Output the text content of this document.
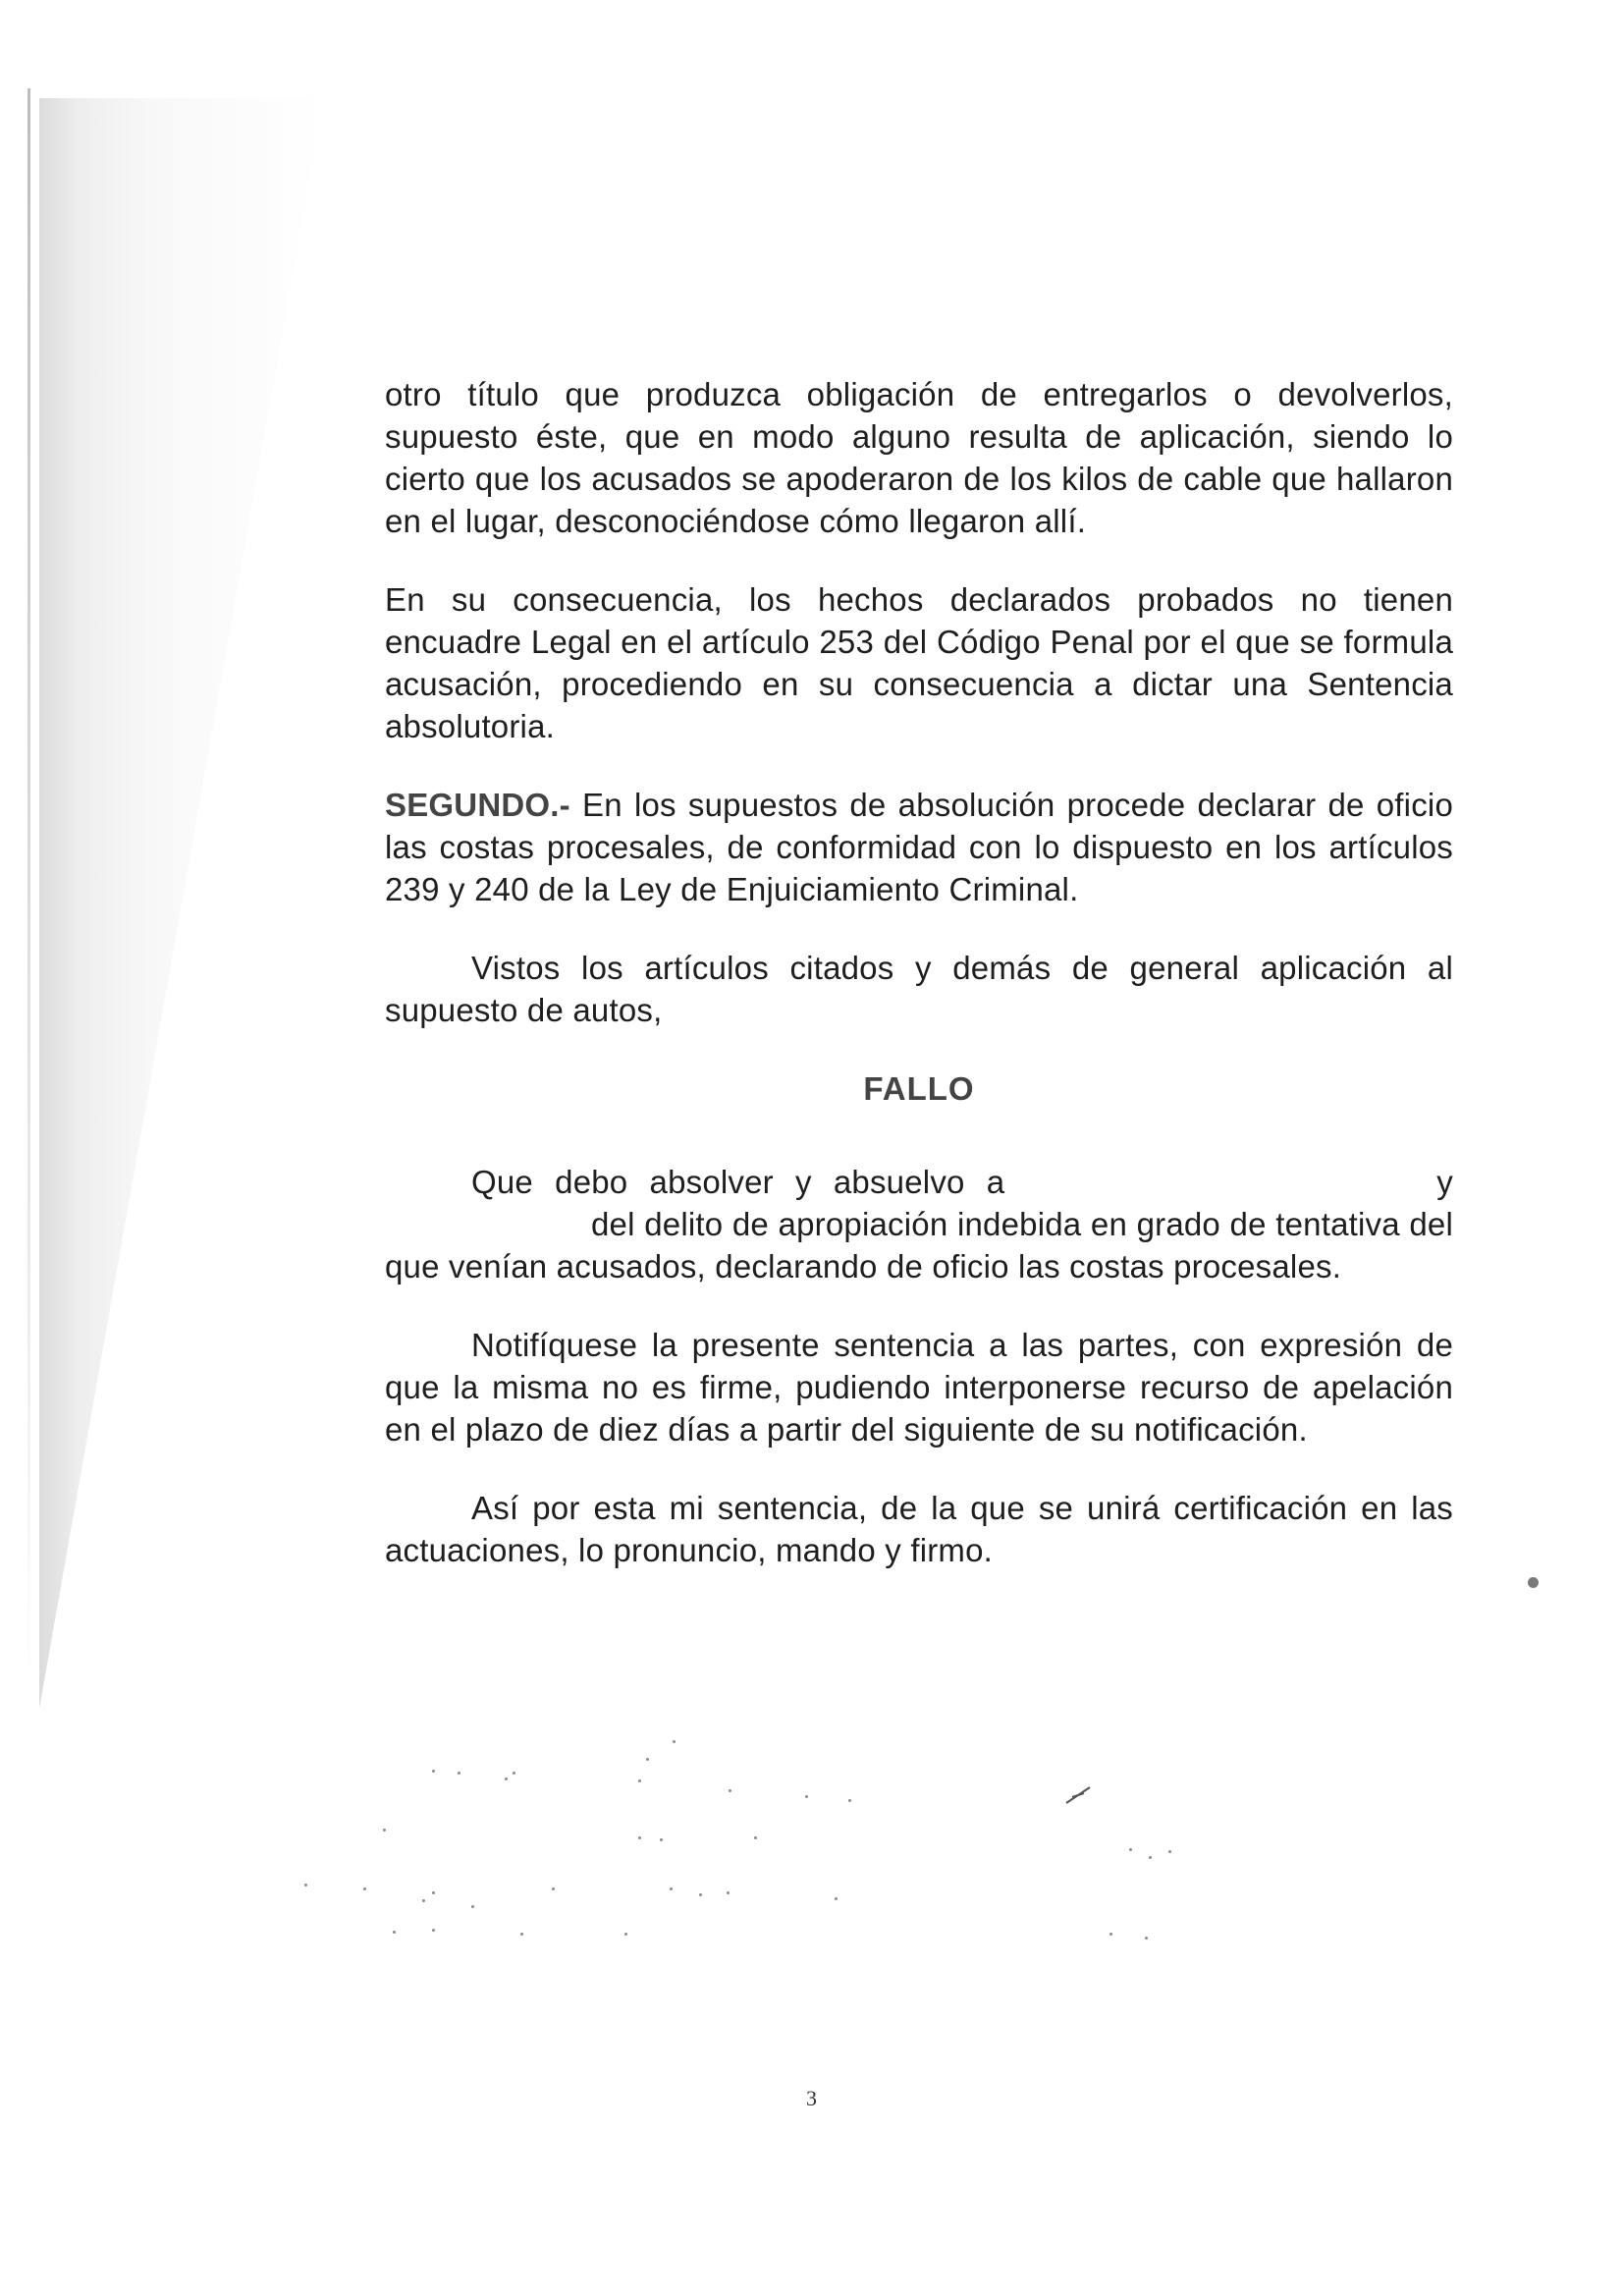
otro título que produzca obligación de entregarlos o devolverlos, supuesto éste, que en modo alguno resulta de aplicación, siendo lo cierto que los acusados se apoderaron de los kilos de cable que hallaron en el lugar, desconociéndose cómo llegaron allí.

En su consecuencia, los hechos declarados probados no tienen encuadre Legal en el artículo 253 del Código Penal por el que se formula acusación, procediendo en su consecuencia a dictar una Sentencia absolutoria.

SEGUNDO.- En los supuestos de absolución procede declarar de oficio las costas procesales, de conformidad con lo dispuesto en los artículos 239 y 240 de la Ley de Enjuiciamiento Criminal.

Vistos los artículos citados y demás de general aplicación al supuesto de autos,

FALLO

Que debo absolver y absuelvo a	y del delito de apropiación indebida en grado de tentativa del que venían acusados, declarando de oficio las costas procesales.

Notifíquese la presente sentencia a las partes, con expresión de que la misma no es firme, pudiendo interponerse recurso de apelación en el plazo de diez días a partir del siguiente de su notificación.

Así por esta mi sentencia, de la que se unirá certificación en las actuaciones, lo pronuncio, mando y firmo.

3
